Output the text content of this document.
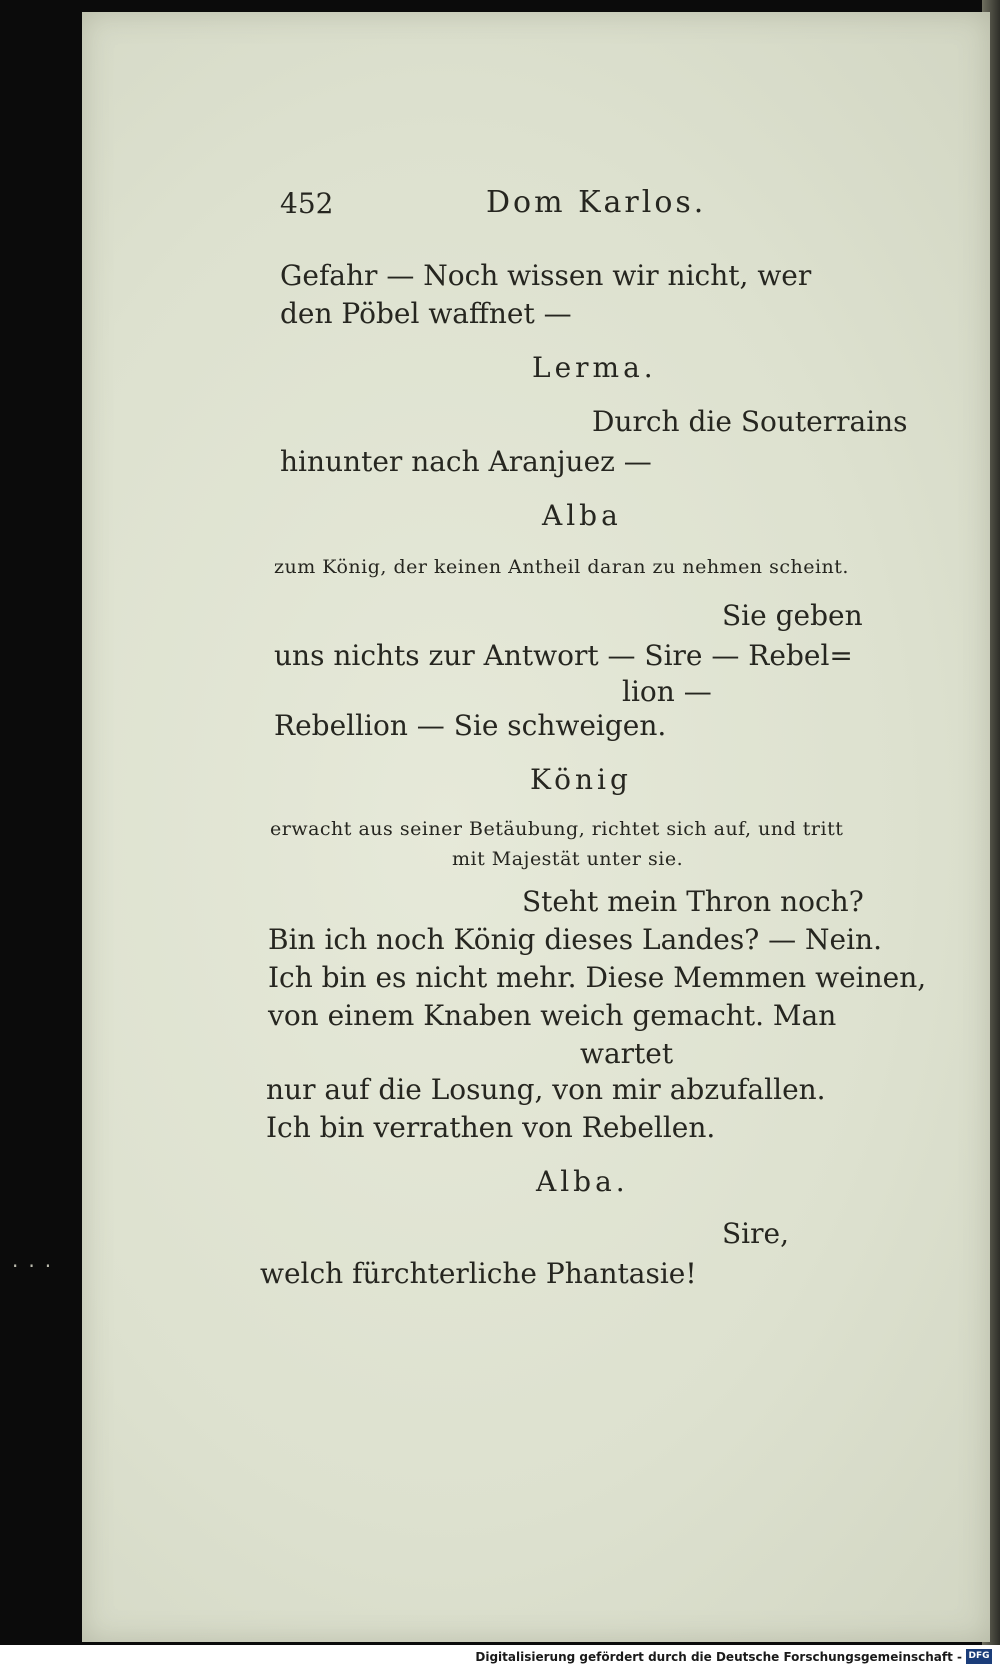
···
452	Dom Karlos.
Gefahr — Noch wissen wir nicht, wer
den Pöbel waffnet —
Lerma.
Durch die Souterrains
hinunter nach Aranjuez —
Alba
zum König, der keinen Antheil daran zu nehmen scheint.
Sie geben
uns nichts zur Antwort — Sire — Rebel=
lion —
Rebellion — Sie schweigen.
König
erwacht aus seiner Betäubung, richtet sich auf, und tritt
mit Majestät unter sie.
Steht mein Thron noch?
Bin ich noch König dieses Landes? — Nein.
Ich bin es nicht mehr. Diese Memmen weinen,
von einem Knaben weich gemacht. Man
wartet
nur auf die Losung, von mir abzufallen.
Ich bin verrathen von Rebellen.
Alba.
Sire,
welch fürchterliche Phantasie!
Digitalisierung gefördert durch die Deutsche Forschungsgemeinschaft - DFG
